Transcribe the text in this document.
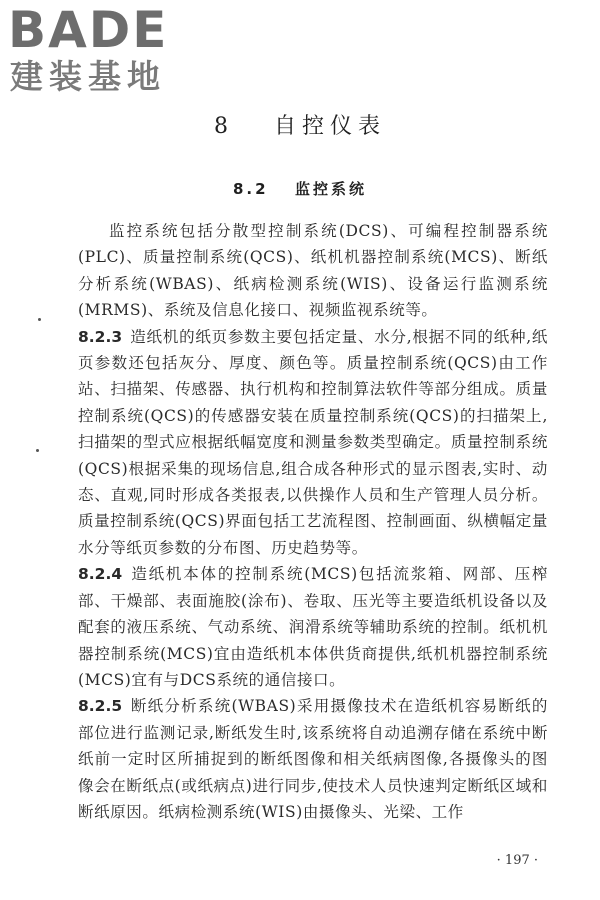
BADE
建装基地
8 自控仪表
8.2 监控系统

监控系统包括分散型控制系统(DCS)、可编程控制器系统(PLC)、质量控制系统(QCS)、纸机机器控制系统(MCS)、断纸分析系统(WBAS)、纸病检测系统(WIS)、设备运行监测系统(MRMS)、系统及信息化接口、视频监视系统等。

8.2.3 造纸机的纸页参数主要包括定量、水分,根据不同的纸种,纸页参数还包括灰分、厚度、颜色等。质量控制系统(QCS)由工作站、扫描架、传感器、执行机构和控制算法软件等部分组成。质量控制系统(QCS)的传感器安装在质量控制系统(QCS)的扫描架上,扫描架的型式应根据纸幅宽度和测量参数类型确定。质量控制系统(QCS)根据采集的现场信息,组合成各种形式的显示图表,实时、动态、直观,同时形成各类报表,以供操作人员和生产管理人员分析。质量控制系统(QCS)界面包括工艺流程图、控制画面、纵横幅定量水分等纸页参数的分布图、历史趋势等。

8.2.4 造纸机本体的控制系统(MCS)包括流浆箱、网部、压榨部、干燥部、表面施胶(涂布)、卷取、压光等主要造纸机设备以及配套的液压系统、气动系统、润滑系统等辅助系统的控制。纸机机器控制系统(MCS)宜由造纸机本体供货商提供,纸机机器控制系统(MCS)宜有与DCS系统的通信接口。

8.2.5 断纸分析系统(WBAS)采用摄像技术在造纸机容易断纸的部位进行监测记录,断纸发生时,该系统将自动追溯存储在系统中断纸前一定时区所捕捉到的断纸图像和相关纸病图像,各摄像头的图像会在断纸点(或纸病点)进行同步,使技术人员快速判定断纸区域和断纸原因。纸病检测系统(WIS)由摄像头、光梁、工作

· 197 ·
